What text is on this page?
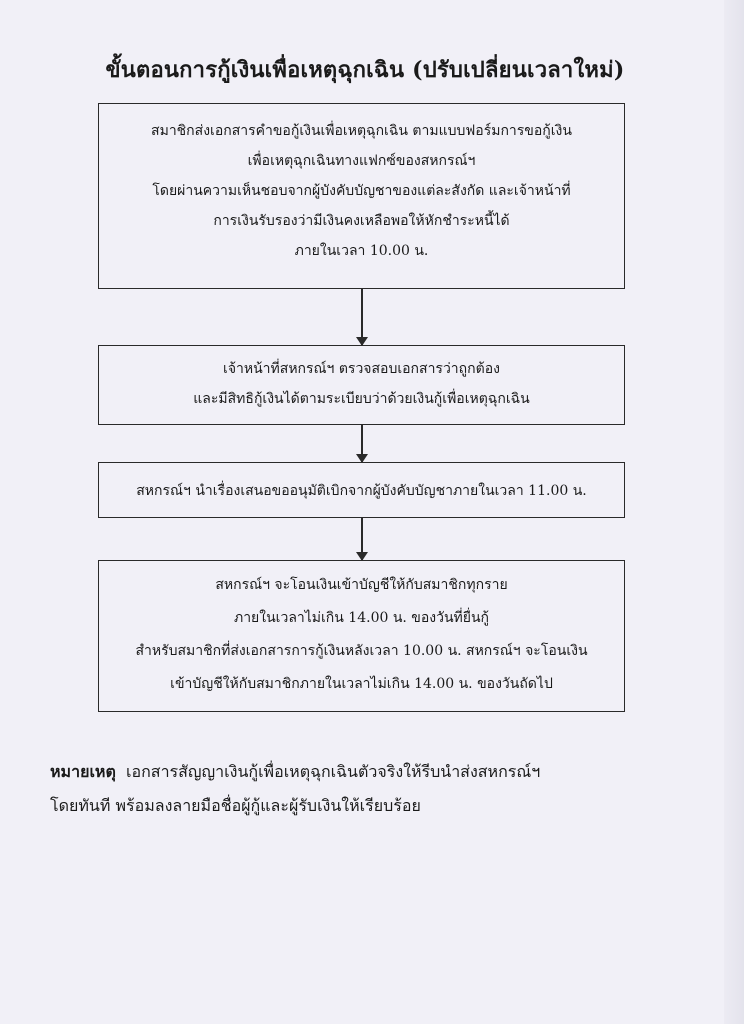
ขั้นตอนการกู้เงินเพื่อเหตุฉุกเฉิน (ปรับเปลี่ยนเวลาใหม่)
สมาชิกส่งเอกสารคำขอกู้เงินเพื่อเหตุฉุกเฉิน ตามแบบฟอร์มการขอกู้เงิน
เพื่อเหตุฉุกเฉินทางแฟกซ์ของสหกรณ์ฯ
โดยผ่านความเห็นชอบจากผู้บังคับบัญชาของแต่ละสังกัด และเจ้าหน้าที่
การเงินรับรองว่ามีเงินคงเหลือพอให้หักชำระหนี้ได้
ภายในเวลา 10.00 น.
เจ้าหน้าที่สหกรณ์ฯ ตรวจสอบเอกสารว่าถูกต้อง
และมีสิทธิกู้เงินได้ตามระเบียบว่าด้วยเงินกู้เพื่อเหตุฉุกเฉิน
สหกรณ์ฯ นำเรื่องเสนอขออนุมัติเบิกจากผู้บังคับบัญชาภายในเวลา 11.00 น.
สหกรณ์ฯ จะโอนเงินเข้าบัญชีให้กับสมาชิกทุกราย
ภายในเวลาไม่เกิน 14.00 น. ของวันที่ยื่นกู้
สำหรับสมาชิกที่ส่งเอกสารการกู้เงินหลังเวลา 10.00 น. สหกรณ์ฯ จะโอนเงิน
เข้าบัญชีให้กับสมาชิกภายในเวลาไม่เกิน 14.00 น. ของวันถัดไป
หมายเหตุ  เอกสารสัญญาเงินกู้เพื่อเหตุฉุกเฉินตัวจริงให้รีบนำส่งสหกรณ์ฯ
โดยทันที พร้อมลงลายมือชื่อผู้กู้และผู้รับเงินให้เรียบร้อย
